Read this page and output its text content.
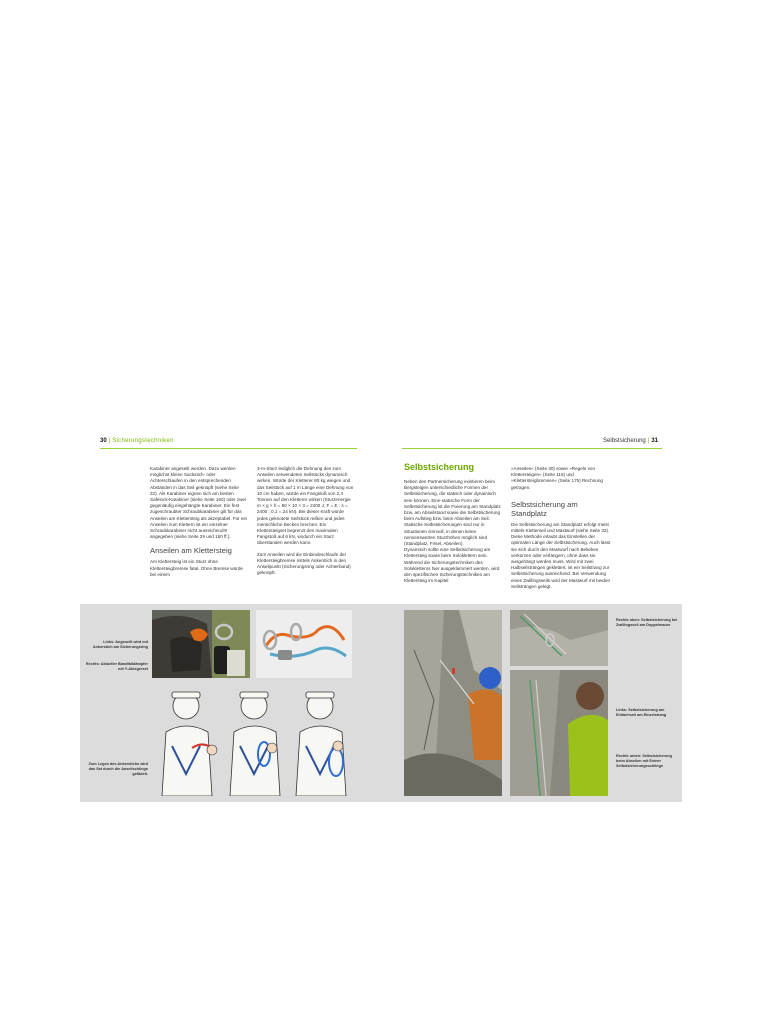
30 | Sicherungstechniken	Selbstsicherung | 31

Karabiner angeseilt werden. Dazu werden möglichst kleine Sackstich- oder Achterschlaufen in den entsprechenden Abständen in das Seil geknüpft (siehe Seite 32). Als Karabiner eignen sich am besten Safelock-Karabiner (siehe Seite 160) oder zwei gegenläufig eingehängte Karabiner. Ein fest zugeschraubter Schraubkarabiner gilt für das Anseilen am Klettersteig als akzeptabel. Für ein Anseilen zum Klettern ist ein einzelner Schraubkarabiner nicht ausreichend!!! angegeben (siehe Seite 29 und 160 ff.).

Anseilen am Klettersteig

Am Klettersteig ist ein Sturz ohne Klettersteigbremse fatal. Ohne Bremse würde bei einem

3-m-Sturz lediglich die Dehnung des zum Anseilen verwendeten Seilstücks dynamisch wirken. Würde der Kletterer 80 kg wiegen und das Seilstück auf 1 m Länge eine Dehnung von 10 cm haben, würde ein Fangstoß von 2,4 Tonnen auf den Kletterer wirken (Sturzenergie m × g × h = 80 × 10 × 3 = 2400 J, F = E : s = 2400 : 0,1 = 24 kN). Bei dieser Kraft würde jedes geknotete Seilstück reißen und jedes menschliche Becken brechen. Ein Klettersteigset begrenzt den maximalen Fangstoß auf 6 kN, wodurch ein Sturz überstanden werden kann.

Zum Anseilen wird die Einbindeschlaufe der Klettersteigbremse mittels Ankerstich in den Anseilpunkt (Sicherungsring oder Achterband) geknüpft.

Selbstsicherung

Neben den Partnersicherung existieren beim Bergsteigen unterschiedliche Formen der Selbstsicherung, die statisch oder dynamisch sein können. Eine statische Form der Selbstsicherung ist die Fixierung am Standplatz bzw. am Abseilstand sowie die Selbstsicherung beim Aufstieg bzw. beim Abseilen am Seil. Statische Selbstsicherungen sind nur in Situationen sinnvoll, in denen keine nennenswerten Sturzhöhen möglich sind (Standplatz, Firsel, Abseilen).

Dynamisch sollte eine Selbstsicherung am Klettersteig sowie beim Soloklettern sein. Während die Sicherungstechniken des Solokletterns hier ausgeklammert werden, wird den spezifischen Sicherungstechniken am Klettersteig im Kapitel

»Anseilen« (Seite 30) sowie »Regeln von Klettersteigen« (Seite 116) und »Klettersteigbremsen« (Seite 175) Rechnung getragen.

Selbstsicherung am Standplatz

Die Selbstsicherung am Standplatz erfolgt meist mittels Kletterseil und Mastwurf (siehe Seite 33). Diese Methode erlaubt das Einstellen der optimalen Länge der Selbstsicherung. Auch lässt sie sich durch den Mastwurf nach Belieben verkürzen oder verlängern, ohne dass sie ausgehängt werden muss. Wird mit zwei Halbseilsträngen geklettert, ist ein Seilstrang zur Selbstsicherung ausreichend. Bei Verwendung eines Zwillingsseils wird der Mastwurf mit beiden Seilsträngen gelegt.

Links: Angeseilt wird mit Ankerstich am Sicherungsring
Rechts: Aktueller Bandfalldämpfer mit Y-Ablegerset
Zum Legen des Ankerstichs wird das Set durch die Anseilschlinge gefädelt.
Rechts oben: Selbstsicherung bei Zwillingsseil am Doppelmauer
Links: Selbstsicherung am Einfachseil am Einzelstrang
Rechts unten: Selbstsicherung beim Abseilen mit Eeiner Selbstsicherungsschlinge
